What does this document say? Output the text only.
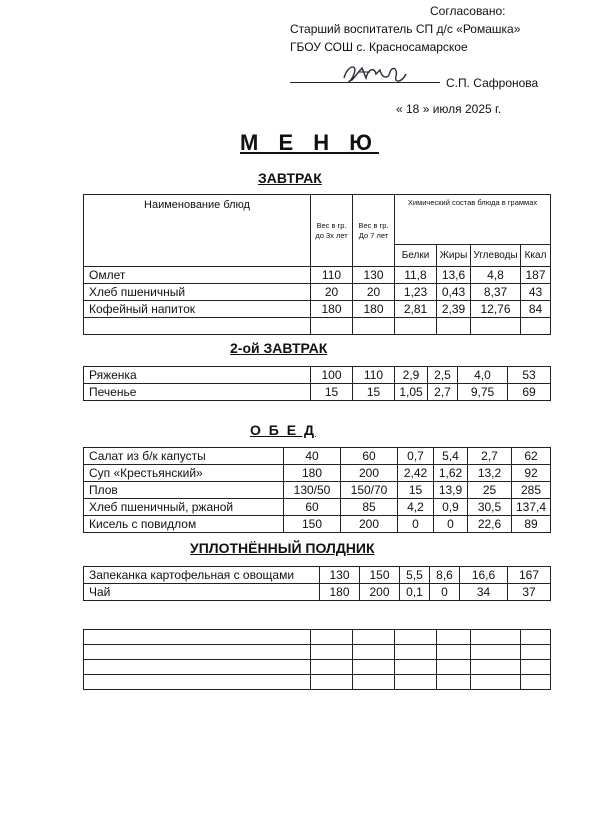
Согласовано:
Старший воспитатель СП д/с «Ромашка»
ГБОУ СОШ с. Красносамарское
С.П. Сафронова
« 18 » июля 2025 г.
М Е Н Ю
ЗАВТРАК
Наименование блюд	Вес в гр. до 3х лет	Вес в гр. До 7 лет	Химический состав блюда в граммах			
			Белки	Жиры	Углеводы	Ккал
Омлет	110	130	11,8	13,6	4,8	187
Хлеб пшеничный	20	20	1,23	0,43	8,37	43
Кофейный напиток	180	180	2,81	2,39	12,76	84

2-ой ЗАВТРАК
Ряженка	100	110	2,9	2,5	4,0	53
Печенье	15	15	1,05	2,7	9,75	69
О Б Е Д
Салат из б/к капусты	40	60	0,7	5,4	2,7	62
Суп «Крестьянский»	180	200	2,42	1,62	13,2	92
Плов	130/50	150/70	15	13,9	25	285
Хлеб пшеничный, ржаной	60	85	4,2	0,9	30,5	137,4
Кисель с повидлом	150	200	0	0	22,6	89
УПЛОТНЁННЫЙ ПОЛДНИК
Запеканка картофельная с овощами	130	150	5,5	8,6	16,6	167
Чай	180	200	0,1	0	34	37
